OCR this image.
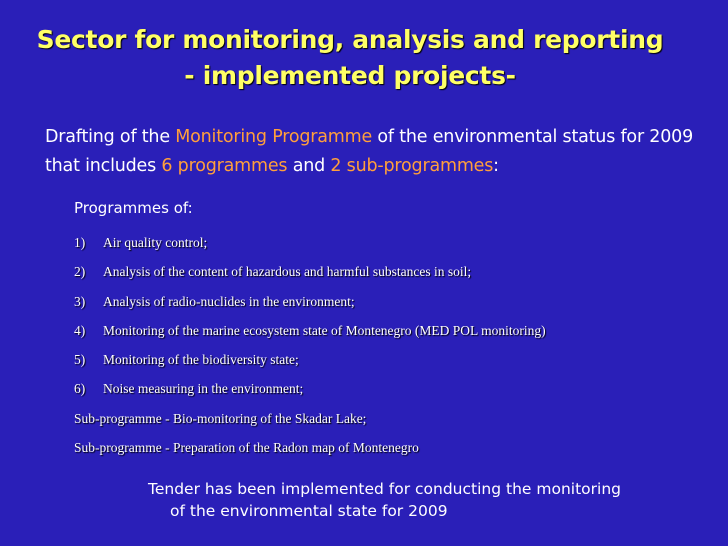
Sector for monitoring, analysis and reporting
- implemented projects-
Drafting of the Monitoring Programme of the environmental status for 2009 that includes 6 programmes and 2 sub-programmes:
Programmes of:
1) Air quality control;
2) Analysis of the content of hazardous and harmful substances in soil;
3) Analysis of radio-nuclides in the environment;
4) Monitoring of the marine ecosystem state of Montenegro (MED POL monitoring)
5) Monitoring of the biodiversity state;
6) Noise measuring in the environment;
Sub-programme - Bio-monitoring of the Skadar Lake;
Sub-programme - Preparation of the Radon map of Montenegro
Tender has been implemented for conducting the monitoring
of the environmental state for 2009
